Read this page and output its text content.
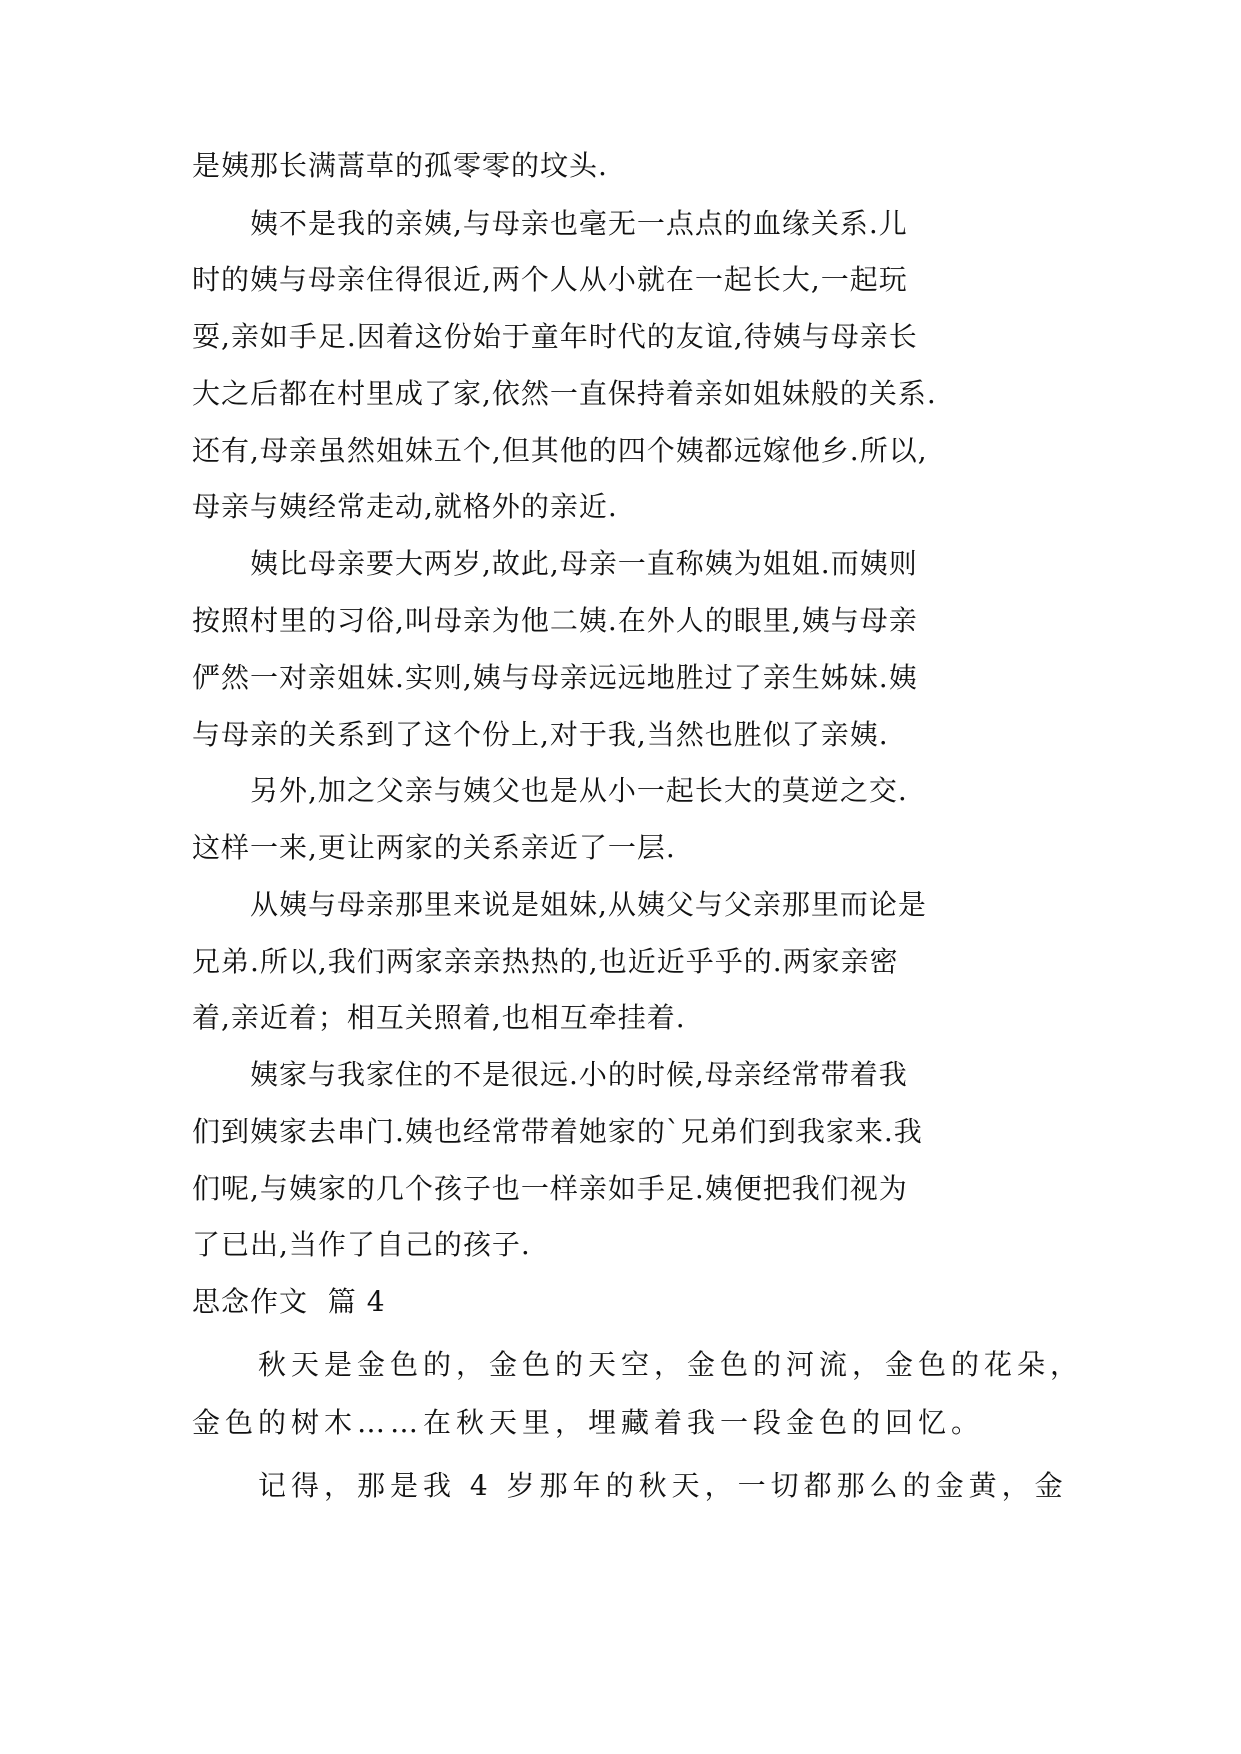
是姨那长满蒿草的孤零零的坟头.
　　姨不是我的亲姨,与母亲也毫无一点点的血缘关系.儿
时的姨与母亲住得很近,两个人从小就在一起长大,一起玩
耍,亲如手足.因着这份始于童年时代的友谊,待姨与母亲长
大之后都在村里成了家,依然一直保持着亲如姐妹般的关系.
还有,母亲虽然姐妹五个,但其他的四个姨都远嫁他乡.所以,
母亲与姨经常走动,就格外的亲近.
　　姨比母亲要大两岁,故此,母亲一直称姨为姐姐.而姨则
按照村里的习俗,叫母亲为他二姨.在外人的眼里,姨与母亲
俨然一对亲姐妹.实则,姨与母亲远远地胜过了亲生姊妹.姨
与母亲的关系到了这个份上,对于我,当然也胜似了亲姨.
　　另外,加之父亲与姨父也是从小一起长大的莫逆之交.
这样一来,更让两家的关系亲近了一层.
　　从姨与母亲那里来说是姐妹,从姨父与父亲那里而论是
兄弟.所以,我们两家亲亲热热的,也近近乎乎的.两家亲密
着,亲近着；相互关照着,也相互牵挂着.
　　姨家与我家住的不是很远.小的时候,母亲经常带着我
们到姨家去串门.姨也经常带着她家的`兄弟们到我家来.我
们呢,与姨家的几个孩子也一样亲如手足.姨便把我们视为
了已出,当作了自己的孩子.
思念作文  篇 4
　　秋天是金色的，金色的天空，金色的河流，金色的花朵，
金色的树木……在秋天里，埋藏着我一段金色的回忆。
　　记得，那是我 4 岁那年的秋天，一切都那么的金黄，金
